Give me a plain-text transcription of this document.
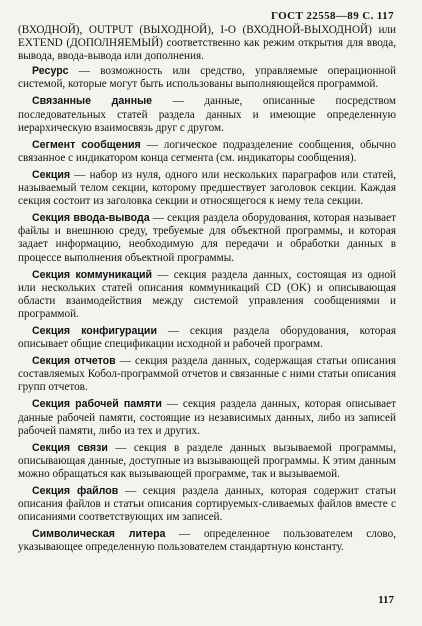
ГОСТ 22558—89 С. 117

(ВХОДНОЙ), OUTPUT (ВЫХОДНОЙ), I-O (ВХОДНОЙ-ВЫХОДНОЙ) или EXTEND (ДОПОЛНЯЕМЫЙ) соответственно как режим открытия для ввода, вывода, ввода-вывода или дополнения.

Ресурс — возможность или средство, управляемые операционной системой, которые могут быть использованы выполняющейся программой.

Связанные данные — данные, описанные посредством последовательных статей раздела данных и имеющие определенную иерархическую взаимосвязь друг с другом.

Сегмент сообщения — логическое подразделение сообщения, обычно связанное с индикатором конца сегмента (см. индикаторы сообщения).

Секция — набор из нуля, одного или нескольких параграфов или статей, называемый телом секции, которому предшествует заголовок секции. Каждая секция состоит из заголовка секции и относящегося к нему тела секции.

Секция ввода-вывода — секция раздела оборудования, которая называет файлы и внешнюю среду, требуемые для объектной программы, и которая задает информацию, необходимую для передачи и обработки данных в процессе выполнения объектной программы.

Секция коммуникаций — секция раздела данных, состоящая из одной или нескольких статей описания коммуникаций CD (OK) и описывающая области взаимодействия между системой управления сообщениями и программой.

Секция конфигурации — секция раздела оборудования, которая описывает общие спецификации исходной и рабочей программ.

Секция отчетов — секция раздела данных, содержащая статьи описания составляемых Кобол-программой отчетов и связанные с ними статьи описания групп отчетов.

Секция рабочей памяти — секция раздела данных, которая описывает данные рабочей памяти, состоящие из независимых данных, либо из записей рабочей памяти, либо из тех и других.

Секция связи — секция в разделе данных вызываемой программы, описывающая данные, доступные из вызывающей программы. К этим данным можно обращаться как вызывающей программе, так и вызываемой.

Секция файлов — секция раздела данных, которая содержит статьи описания файлов и статьи описания сортируемых-сливаемых файлов вместе с описаниями соответствующих им записей.

Символическая литера — определенное пользователем слово, указывающее определенную пользователем стандартную константу.

117
